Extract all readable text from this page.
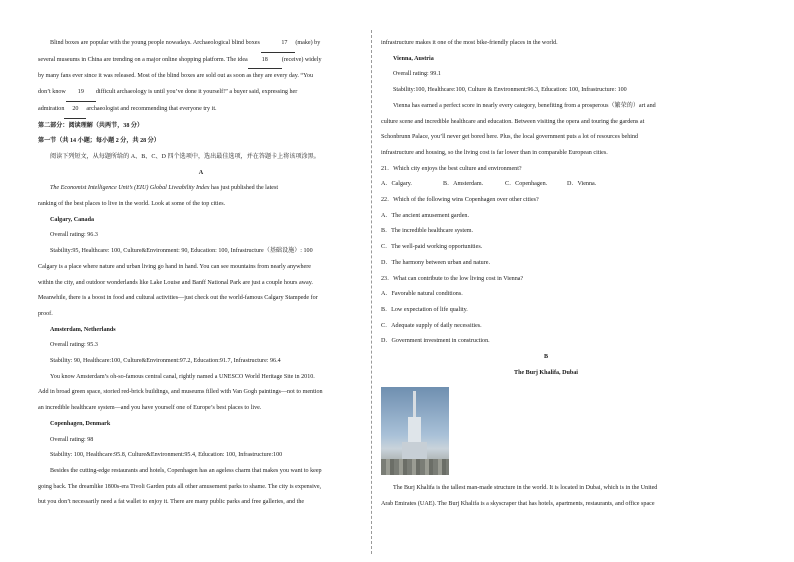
Blind boxes are popular with the young people nowadays. Archaeological blind boxes	17 (make) by

several museums in China are trending on a major online shopping platform. The idea 18 (receive) widely

by many fans ever since it was released. Most of the blind boxes are sold out as soon as they are every day. “You

don’t know 19 difficult archaeology is until you’ve done it yourself!” a buyer said, expressing her

admiration 20 archaeologist and recommending that everyone try it.

第二部分：阅读理解（共两节，38 分）

第一节（共 14 小题；每小题 2 分，共 28 分）

阅读下列短文，从每题所给的 A、B、C、D 四个选项中，选出最佳选项，并在答题卡上将该项涂黑。

A

The Economist Intelligence Unit’s (EIU) Global Liveability Index has just published the latest

ranking of the best places to live in the world. Look at some of the top cities.

Calgary, Canada

Overall rating: 96.3

Stability:95, Healthcare: 100, Culture&Environment: 90, Education: 100, Infrastructure（基础设施）: 100

Calgary is a place where nature and urban living go hand in hand. You can see mountains from nearly anywhere

within the city, and outdoor wonderlands like Lake Louise and Banff National Park are just a couple hours away.

Meanwhile, there is a boost in food and cultural activities—just check out the world-famous Calgary Stampede for

proof.

Amsterdam, Netherlands

Overall rating: 95.3

Stability: 90, Healthcare:100, Culture&Environment:97.2, Education:91.7, Infrastructure: 96.4

You know Amsterdam’s oh-so-famous central canal, rightly named a UNESCO World Heritage Site in 2010.

Add in broad green space, storied red-brick buildings, and museums filled with Van Gogh paintings—not to mention

an incredible healthcare system—and you have yourself one of Europe’s best places to live.

Copenhagen, Denmark

Overall rating: 98

Stability: 100, Healthcare:95.8, Culture&Environment:95.4, Education: 100, Infrastructure:100

Besides the cutting-edge restaurants and hotels, Copenhagen has an ageless charm that makes you want to keep

going back. The dreamlike 1800s-era Tivoli Garden puts all other amusement parks to shame. The city is expensive,

but you don’t necessarily need a fat wallet to enjoy it. There are many public parks and free galleries, and the

infrastructure makes it one of the most bike-friendly places in the world.

Vienna, Austria

Overall rating: 99.1

Stability:100, Healthcare:100, Culture & Environment:96.3, Education: 100, Infrastructure: 100

Vienna has earned a perfect score in nearly every category, benefiting from a prosperous（繁荣的）art and

culture scene and incredible healthcare and education. Between visiting the opera and touring the gardens at

Schonbrunn Palace, you’ll never get bored here. Plus, the local government puts a lot of resources behind

infrastructure and housing, so the living cost is far lower than in comparable European cities.

21．Which city enjoys the best culture and environment?

A．Calgary.	B．Amsterdam.	C．Copenhagen.	D．Vienna.

22．Which of the following wins Copenhagen over other cities?

A．The ancient amusement garden.

B．The incredible healthcare system.

C．The well-paid working opportunities.

D．The harmony between urban and nature.

23．What can contribute to the low living cost in Vienna?

A．Favorable natural conditions.

B．Low expectation of life quality.

C．Adequate supply of daily necessities.

D．Government investment in construction.

B

The Burj Khalifa, Dubai

The Burj Khalifa is the tallest man-made structure in the world. It is located in Dubai, which is in the United

Arab Emirates (UAE). The Burj Khalifa is a skyscraper that has hotels, apartments, restaurants, and office space
